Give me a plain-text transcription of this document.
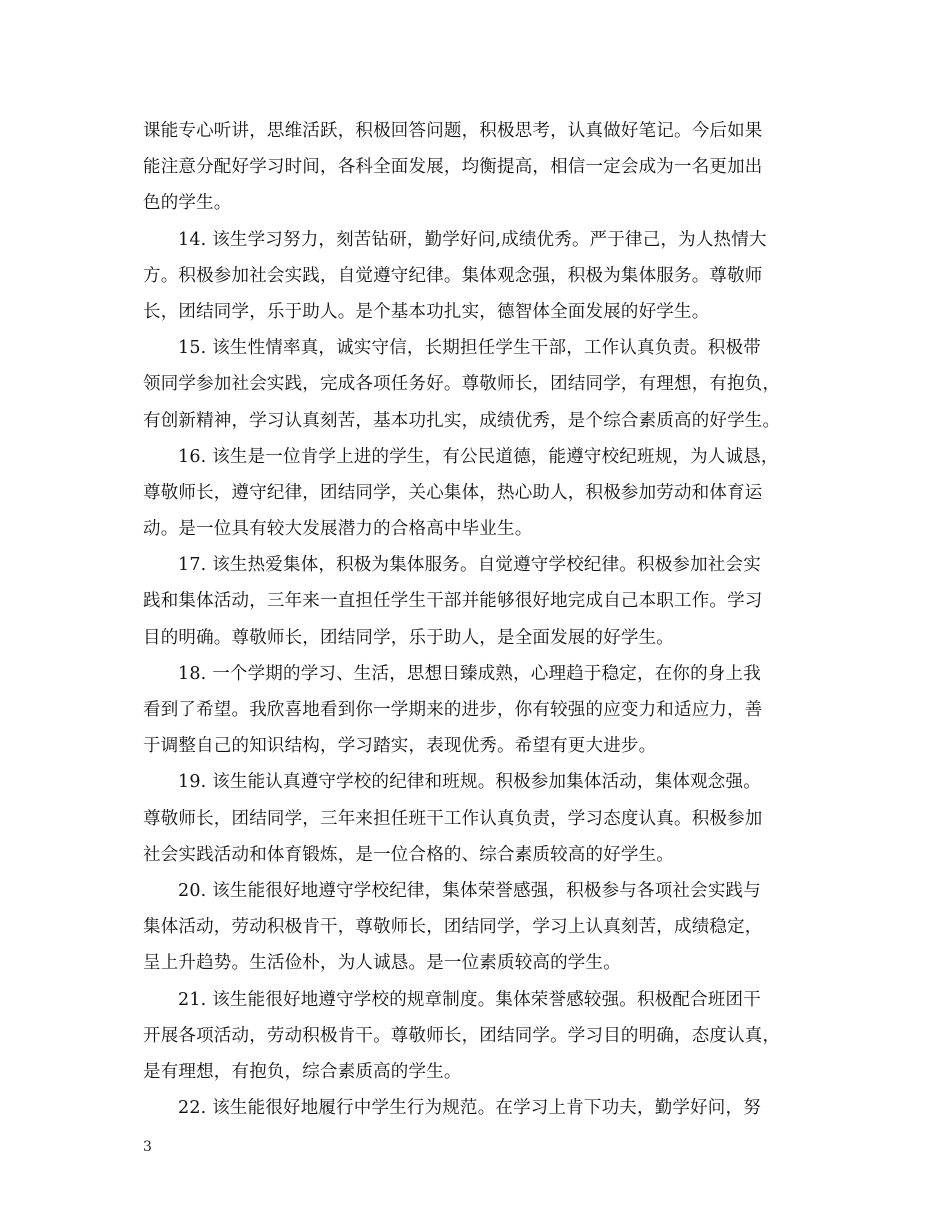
课能专心听讲，思维活跃，积极回答问题，积极思考，认真做好笔记。今后如果
能注意分配好学习时间，各科全面发展，均衡提高，相信一定会成为一名更加出
色的学生。
14. 该生学习努力，刻苦钻研，勤学好问,成绩优秀。严于律己，为人热情大
方。积极参加社会实践，自觉遵守纪律。集体观念强，积极为集体服务。尊敬师
长，团结同学，乐于助人。是个基本功扎实，德智体全面发展的好学生。
15. 该生性情率真，诚实守信，长期担任学生干部，工作认真负责。积极带
领同学参加社会实践，完成各项任务好。尊敬师长，团结同学，有理想，有抱负，
有创新精神，学习认真刻苦，基本功扎实，成绩优秀，是个综合素质高的好学生。
16. 该生是一位肯学上进的学生，有公民道德，能遵守校纪班规，为人诚恳，
尊敬师长，遵守纪律，团结同学，关心集体，热心助人，积极参加劳动和体育运
动。是一位具有较大发展潜力的合格高中毕业生。
17. 该生热爱集体，积极为集体服务。自觉遵守学校纪律。积极参加社会实
践和集体活动，三年来一直担任学生干部并能够很好地完成自己本职工作。学习
目的明确。尊敬师长，团结同学，乐于助人，是全面发展的好学生。
18. 一个学期的学习、生活，思想日臻成熟，心理趋于稳定，在你的身上我
看到了希望。我欣喜地看到你一学期来的进步，你有较强的应变力和适应力，善
于调整自己的知识结构，学习踏实，表现优秀。希望有更大进步。
19. 该生能认真遵守学校的纪律和班规。积极参加集体活动，集体观念强。
尊敬师长，团结同学，三年来担任班干工作认真负责，学习态度认真。积极参加
社会实践活动和体育锻炼，是一位合格的、综合素质较高的好学生。
20. 该生能很好地遵守学校纪律，集体荣誉感强，积极参与各项社会实践与
集体活动，劳动积极肯干，尊敬师长，团结同学，学习上认真刻苦，成绩稳定，
呈上升趋势。生活俭朴，为人诚恳。是一位素质较高的学生。
21. 该生能很好地遵守学校的规章制度。集体荣誉感较强。积极配合班团干
开展各项活动，劳动积极肯干。尊敬师长，团结同学。学习目的明确，态度认真，
是有理想，有抱负，综合素质高的学生。
22. 该生能很好地履行中学生行为规范。在学习上肯下功夫，勤学好问，努
3
